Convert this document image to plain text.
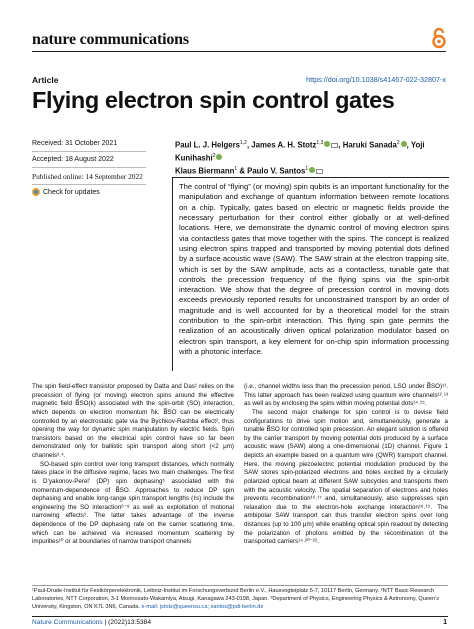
nature communications
Article	https://doi.org/10.1038/s41467-022-32807-x
Flying electron spin control gates
Received: 31 October 2021
Accepted: 18 August 2022
Published online: 14 September 2022
Check for updates
Paul L. J. Helgers$^{1,2}$, James A. H. Stotz$^{1,3}$ , Haruki Sanada$^2$ , Yoji Kunihashi$^2$
Klaus Biermann$^1$ & Paulo V. Santos$^1$
The control of “flying” (or moving) spin qubits is an important functionality for the manipulation and exchange of quantum information between remote locations on a chip. Typically, gates based on electric or magnetic fields provide the necessary perturbation for their control either globally or at well-defined locations. Here, we demonstrate the dynamic control of moving electron spins via contactless gates that move together with the spins. The concept is realized using electron spins trapped and transported by moving potential dots defined by a surface acoustic wave (SAW). The SAW strain at the electron trapping site, which is set by the SAW amplitude, acts as a contactless, tunable gate that controls the precession frequency of the flying spins via the spin-orbit interaction. We show that the degree of precession control in moving dots exceeds previously reported results for unconstrained transport by an order of magnitude and is well accounted for by a theoretical model for the strain contribution to the spin-orbit interaction. This flying spin gate permits the realization of an acoustically driven optical polarization modulator based on electron spin transport, a key element for on-chip spin information processing with a photonic interface.

The spin field-effect transistor proposed by Datta and Das¹ relies on the precession of flying (or moving) electron spins around the effective magnetic field B⃗SO(k) associated with the spin-orbit (SO) interaction, which depends on electron momentum ħk. B⃗SO can be electrically controlled by an electrostatic gate via the Bychkov-Rashba effect², thus opening the way for dynamic spin manipulation by electric fields. Spin transistors based on the electrical spin control have so far been demonstrated only for ballistic spin transport along short (<2 μm) channels³˒⁴.

SO-based spin control over long transport distances, which normally takes place in the diffusive regime, faces two main challenges. The first is D’yakonov-Perel’ (DP) spin dephasing⁵ associated with the momentum-dependence of B⃗SO. Approaches to reduce DP spin dephasing and enable long-range spin transport lengths (ℓs) include the engineering the SO interaction⁶⁻⁸ as well as exploitation of motional narrowing effects⁹. The latter takes advantage of the inverse dependence of the DP dephasing rate on the carrier scattering time, which can be achieved via increased momentum scattering by impurities¹⁰ or at boundaries of narrow transport channels

(i.e., channel widths less than the precession period, LSO under B⃗SO)¹¹. This latter approach has been realized using quantum wire channels¹²˒¹³ as well as by enclosing the spins within moving potential dots¹⁴˒¹⁵.

The second major challenge for spin control is to devise field configurations to drive spin motion and, simultaneously, generate a tunable B⃗SO for controlled spin precession. An elegant solution is offered by the carrier transport by moving potential dots produced by a surface acoustic wave (SAW) along a one-dimensional (1D) channel. Figure 1 depicts an example based on a quantum wire (QWR) transport channel. Here, the moving piezoelectric potential modulation produced by the SAW stores spin-polarized electrons and holes excited by a circularly polarized optical beam at different SAW subcycles and transports them with the acoustic velocity. The spatial separation of electrons and holes prevents recombination¹⁶˒¹⁷ and, simultaneously, also suppresses spin relaxation due to the electron-hole exchange interaction¹⁸˒¹⁹. The ambipolar SAW transport can thus transfer electron spins over long distances (up to 100 μm) while enabling optical spin readout by detecting the polarization of photons emitted by the recombination of the transported carriers¹⁴˒²⁰⁻²².

¹Paul-Drude-Institut für Festkörperelektronik, Leibniz-Institut im Forschungsverbund Berlin e.V., Hausvogteiplatz 5-7, 10117 Berlin, Germany. ²NTT Basic Research Laboratories, NTT Corporation, 3-1 Morinosato-Wakamiya, Atsugi, Kanagawa 243-0198, Japan. ³Department of Physics, Engineering Physics & Astronomy, Queen’s University, Kingston, ON K7L 3N6, Canada. e-mail: jstotz@queensu.ca; santos@pdi-berlin.de
Nature Communications | (2022)13:5384	1
